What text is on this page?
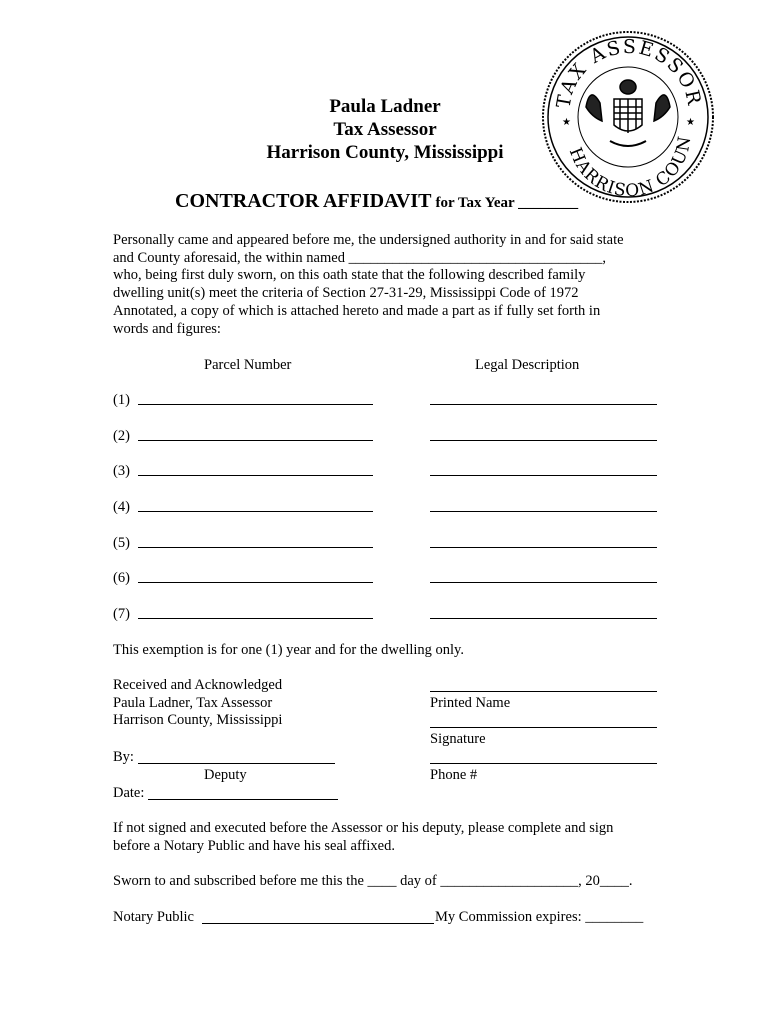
TAX ASSESSOR
HARRISON COUN
★	★
Paula Ladner
Tax Assessor
Harrison County, Mississippi
CONTRACTOR AFFIDAVIT for Tax Year ________
Personally came and appeared before me, the undersigned authority in and for said state
and County aforesaid, the within named ___________________________________,
who, being first duly sworn, on this oath state that the following described family
dwelling unit(s) meet the criteria of Section 27-31-29, Mississippi Code of 1972
Annotated, a copy of which is attached hereto and made a part as if fully set forth in
words and figures:
Parcel Number	Legal Description
(1)
(2)
(3)
(4)
(5)
(6)
(7)
This exemption is for one (1) year and for the dwelling only.
Received and Acknowledged
Paula Ladner, Tax Assessor
Harrison County, Mississippi
By:
Deputy
Date:
Printed Name
Signature
Phone #
If not signed and executed before the Assessor or his deputy, please complete and sign
before a Notary Public and have his seal affixed.
Sworn to and subscribed before me this the ____ day of ___________________, 20____.
Notary Public	My Commission expires: ________
